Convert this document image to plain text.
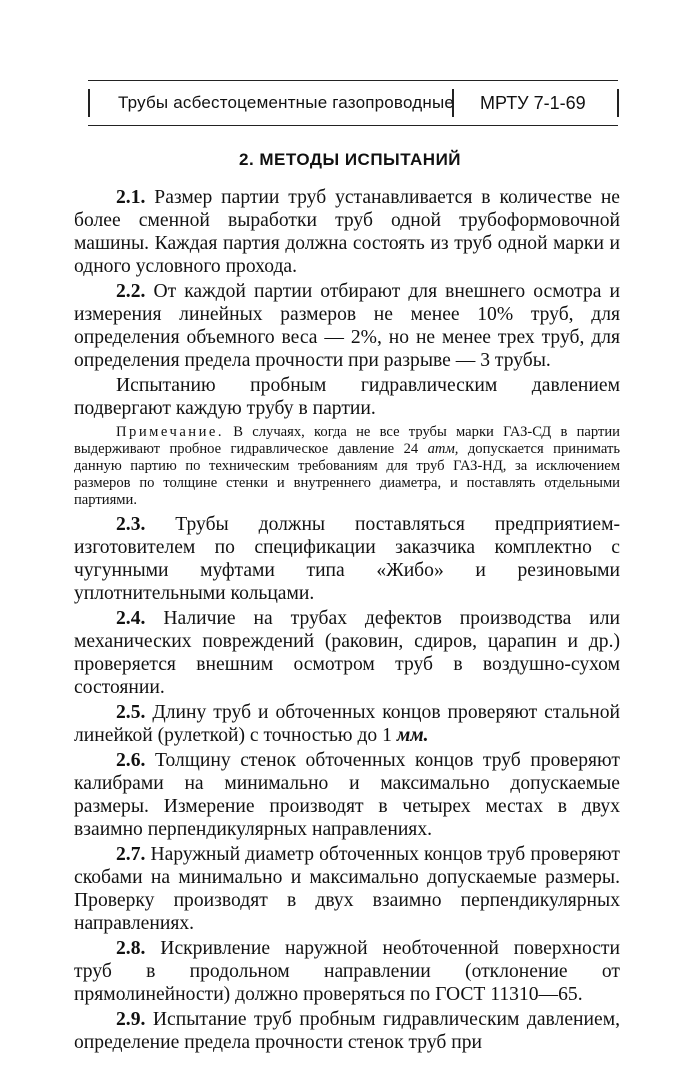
Трубы асбестоцементные газопроводные МРТУ 7-1-69
2. МЕТОДЫ ИСПЫТАНИЙ

2.1. Размер партии труб устанавливается в количестве не более сменной выработки труб одной трубоформовочной машины. Каждая партия должна состоять из труб одной марки и одного условного прохода.

2.2. От каждой партии отбирают для внешнего осмотра и измерения линейных размеров не менее 10% труб, для определения объемного веса — 2%, но не менее трех труб, для определения предела прочности при разрыве — 3 трубы.

Испытанию пробным гидравлическим давлением подвергают каждую трубу в партии.

Примечание. В случаях, когда не все трубы марки ГАЗ-СД в партии выдерживают пробное гидравлическое давление 24 атм, допускается принимать данную партию по техническим требованиям для труб ГАЗ-НД, за исключением размеров по толщине стенки и внутреннего диаметра, и поставлять отдельными партиями.

2.3. Трубы должны поставляться предприятием-изготовителем по спецификации заказчика комплектно с чугунными муфтами типа «Жибо» и резиновыми уплотнительными кольцами.

2.4. Наличие на трубах дефектов производства или механических повреждений (раковин, сдиров, царапин и др.) проверяется внешним осмотром труб в воздушно-сухом состоянии.

2.5. Длину труб и обточенных концов проверяют стальной линейкой (рулеткой) с точностью до 1 мм.

2.6. Толщину стенок обточенных концов труб проверяют калибрами на минимально и максимально допускаемые размеры. Измерение производят в четырех местах в двух взаимно перпендикулярных направлениях.

2.7. Наружный диаметр обточенных концов труб проверяют скобами на минимально и максимально допускаемые размеры. Проверку производят в двух взаимно перпендикулярных направлениях.

2.8. Искривление наружной необточенной поверхности труб в продольном направлении (отклонение от прямолинейности) должно проверяться по ГОСТ 11310—65.

2.9. Испытание труб пробным гидравлическим давлением, определение предела прочности стенок труб при
